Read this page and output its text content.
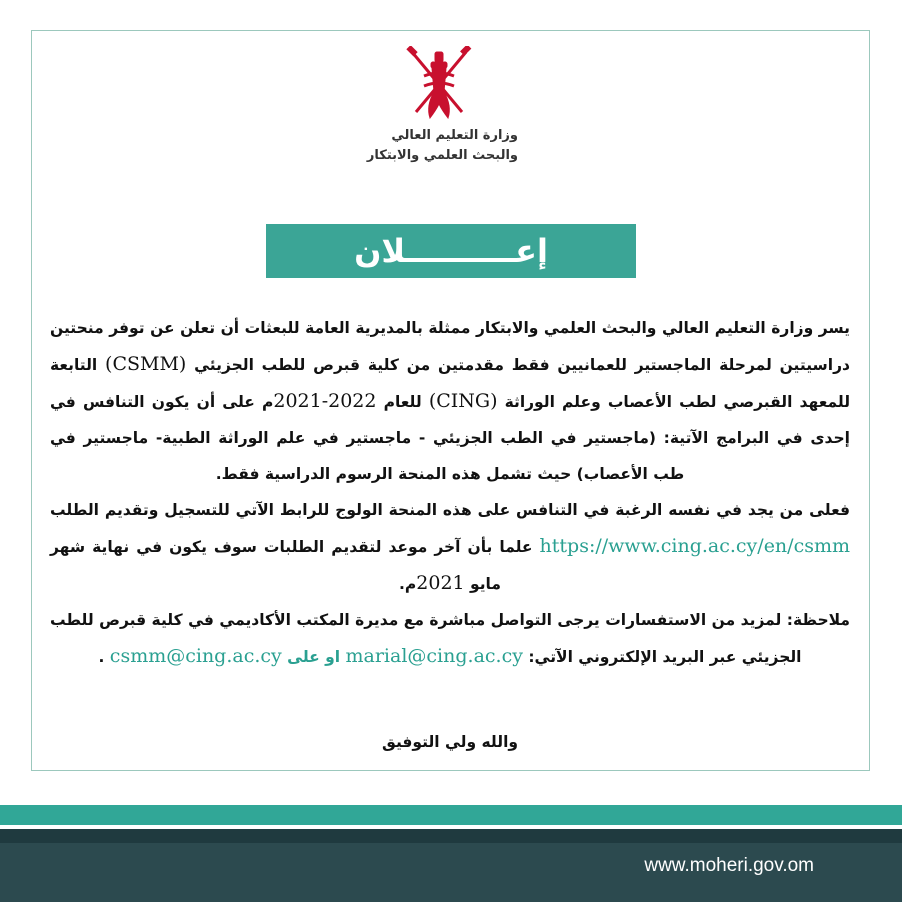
وزارة التعليم العالي
والبحث العلمي والابتكار
إعــــــــــلان

يسر وزارة التعليم العالي والبحث العلمي والابتكار ممثلة بالمديرية العامة للبعثات أن تعلن عن توفر منحتين دراسيتين لمرحلة الماجستير للعمانيين فقط مقدمتين من كلية قبرص للطب الجزيئي (CSMM) التابعة للمعهد القبرصي لطب الأعصاب وعلم الوراثة (CING) للعام 2021-2022م على أن يكون التنافس في إحدى في البرامج الآتية: (ماجستير في الطب الجزيئي - ماجستير في علم الوراثة الطبية- ماجستير في طب الأعصاب) حيث تشمل هذه المنحة الرسوم الدراسية فقط.

فعلى من يجد في نفسه الرغبة في التنافس على هذه المنحة الولوج للرابط الآتي للتسجيل وتقديم الطلب https://www.cing.ac.cy/en/csmm علما بأن آخر موعد لتقديم الطلبات سوف يكون في نهاية شهر مايو 2021م.

ملاحظة: لمزيد من الاستفسارات يرجى التواصل مباشرة مع مديرة المكتب الأكاديمي في كلية قبرص للطب الجزيئي عبر البريد الإلكتروني الآتي: marial@cing.ac.cy او على csmm@cing.ac.cy .

والله ولي التوفيق
www.moheri.gov.om
